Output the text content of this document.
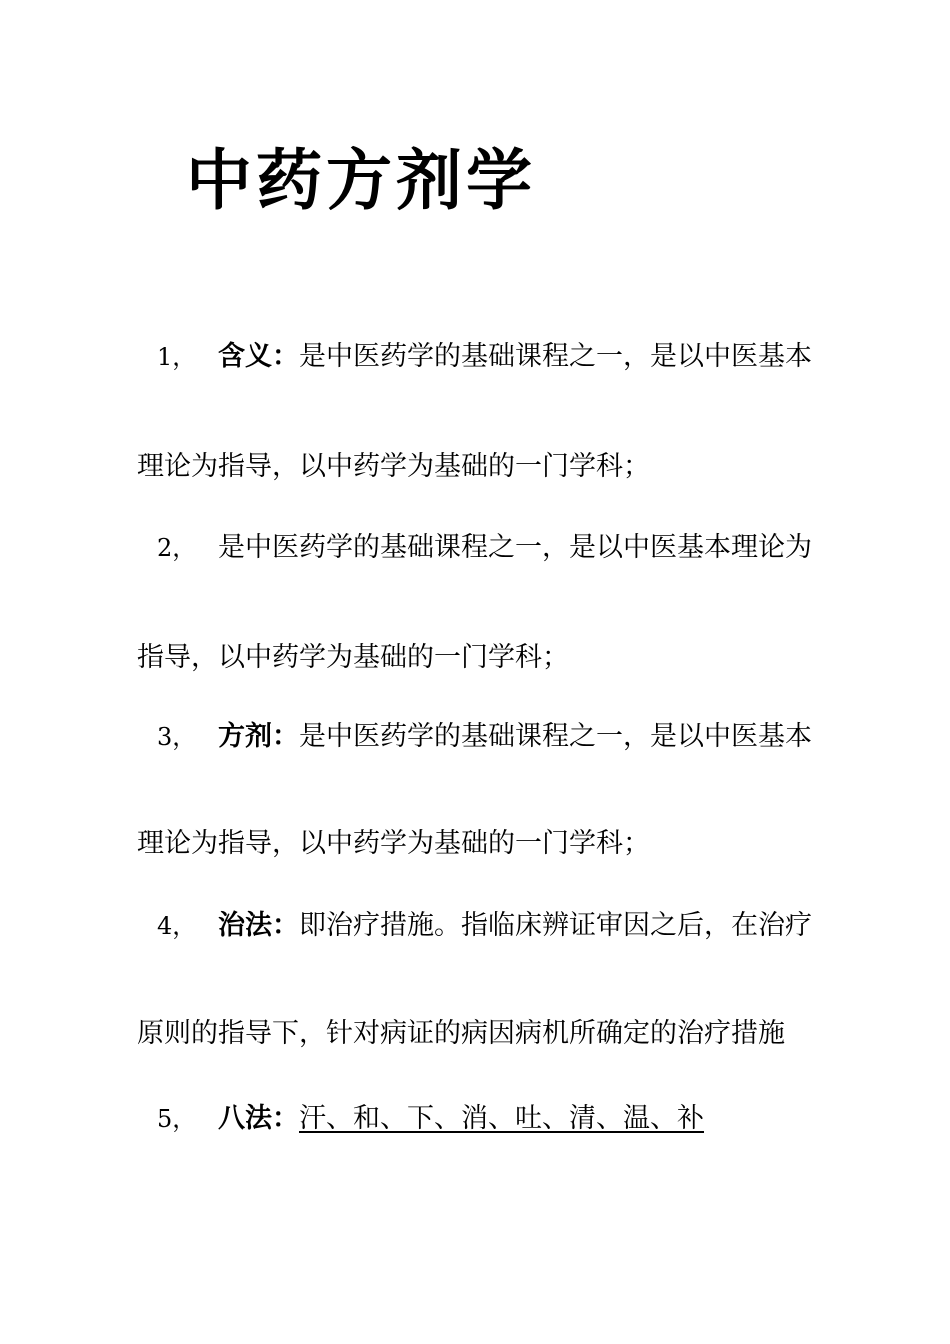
中药方剂学
1， 含义：是中医药学的基础课程之一，是以中医基本
理论为指导，以中药学为基础的一门学科；
2， 是中医药学的基础课程之一，是以中医基本理论为
指导，以中药学为基础的一门学科；
3， 方剂：是中医药学的基础课程之一，是以中医基本
理论为指导，以中药学为基础的一门学科；
4， 治法：即治疗措施。指临床辨证审因之后，在治疗
原则的指导下，针对病证的病因病机所确定的治疗措施
5， 八法：汗、和、下、消、吐、清、温、补
